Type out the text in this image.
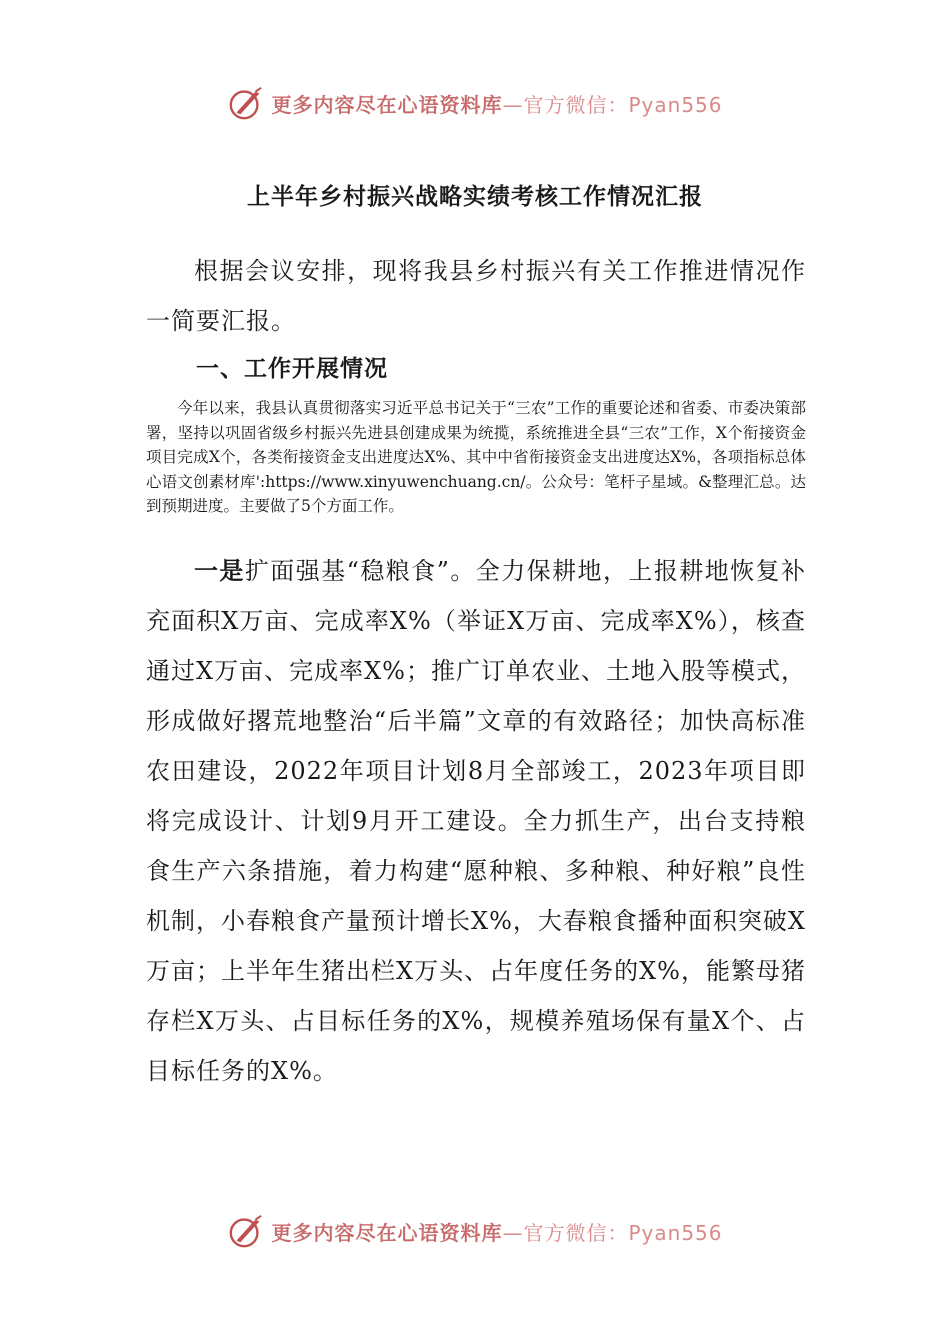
更多内容尽在心语资料库—官方微信：Pyan556
上半年乡村振兴战略实绩考核工作情况汇报

根据会议安排，现将我县乡村振兴有关工作推进情况作一简要汇报。

一、工作开展情况

今年以来，我县认真贯彻落实习近平总书记关于“三农”工作的重要论述和省委、市委决策部署，坚持以巩固省级乡村振兴先进县创建成果为统揽，系统推进全县“三农”工作，X个衔接资金项目完成X个，各类衔接资金支出进度达X%、其中中省衔接资金支出进度达X%，各项指标总体心语文创素材库':https://www.xinyuwenchuang.cn/。公众号：笔杆子星域。&整理汇总。达到预期进度。主要做了5个方面工作。

一是扩面强基“稳粮食”。全力保耕地，上报耕地恢复补充面积X万亩、完成率X%（举证X万亩、完成率X%），核查通过X万亩、完成率X%；推广订单农业、土地入股等模式，形成做好撂荒地整治“后半篇”文章的有效路径；加快高标准农田建设，2022年项目计划8月全部竣工，2023年项目即将完成设计、计划9月开工建设。全力抓生产，出台支持粮食生产六条措施，着力构建“愿种粮、多种粮、种好粮”良性机制，小春粮食产量预计增长X%，大春粮食播种面积突破X万亩；上半年生猪出栏X万头、占年度任务的X%，能繁母猪存栏X万头、占目标任务的X%，规模养殖场保有量X个、占目标任务的X%。

更多内容尽在心语资料库—官方微信：Pyan556
